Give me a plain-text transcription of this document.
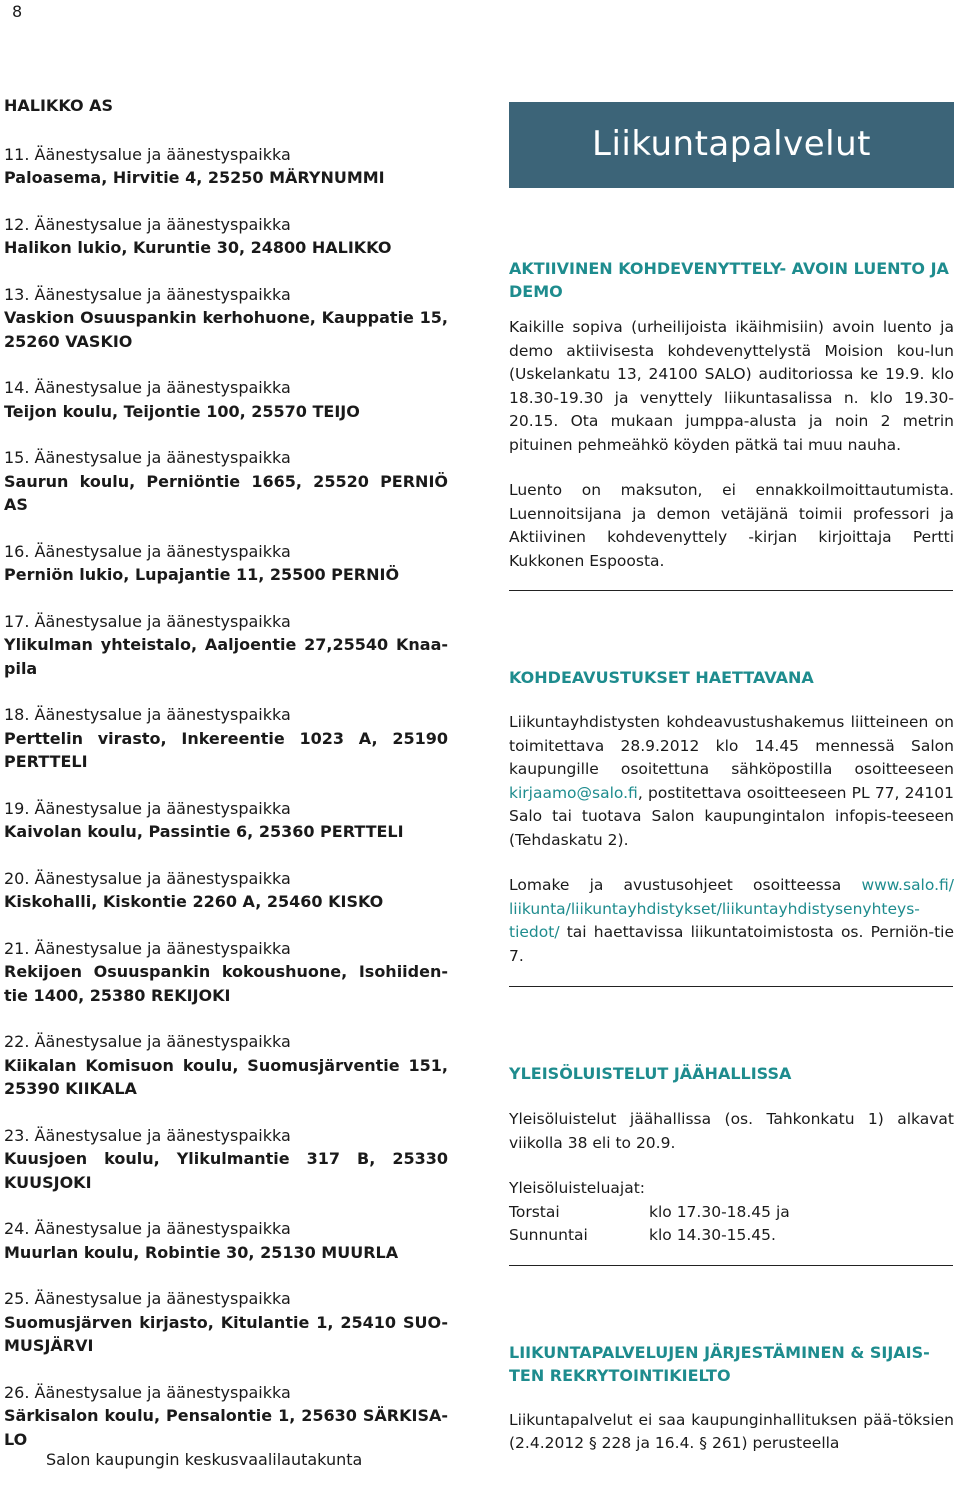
8
HALIKKO AS
11. Äänestysalue ja äänestyspaikka
Paloasema, Hirvitie 4, 25250 MÄRYNUMMI
12. Äänestysalue ja äänestyspaikka
Halikon lukio, Kuruntie 30, 24800 HALIKKO
13. Äänestysalue ja äänestyspaikka
Vaskion Osuuspankin kerhohuone, Kauppatie 15, 25260 VASKIO
14. Äänestysalue ja äänestyspaikka
Teijon koulu, Teijontie 100, 25570 TEIJO
15. Äänestysalue ja äänestyspaikka
Saurun koulu, Perniöntie 1665, 25520 PERNIÖ AS
16. Äänestysalue ja äänestyspaikka
Perniön lukio, Lupajantie 11, 25500 PERNIÖ
17. Äänestysalue ja äänestyspaikka
Ylikulman yhteistalo, Aaljoentie 27,25540 Knaa-pila
18. Äänestysalue ja äänestyspaikka
Perttelin virasto, Inkereentie 1023 A, 25190 PERTTELI
19. Äänestysalue ja äänestyspaikka
Kaivolan koulu, Passintie 6, 25360 PERTTELI
20. Äänestysalue ja äänestyspaikka
Kiskohalli, Kiskontie 2260 A, 25460 KISKO
21. Äänestysalue ja äänestyspaikka
Rekijoen Osuuspankin kokoushuone, Isohiiden-tie 1400, 25380 REKIJOKI
22. Äänestysalue ja äänestyspaikka
Kiikalan Komisuon koulu, Suomusjärventie 151, 25390 KIIKALA
23. Äänestysalue ja äänestyspaikka
Kuusjoen koulu, Ylikulmantie 317 B, 25330 KUUSJOKI
24. Äänestysalue ja äänestyspaikka
Muurlan koulu, Robintie 30, 25130 MUURLA
25. Äänestysalue ja äänestyspaikka
Suomusjärven kirjasto, Kitulantie 1, 25410 SUO-MUSJÄRVI
26. Äänestysalue ja äänestyspaikka
Särkisalon koulu, Pensalontie 1, 25630 SÄRKISA-LO
Salon kaupungin keskusvaalilautakunta
Liikuntapalvelut

AKTIIVINEN KOHDEVENYTTELY- AVOIN LUENTO JA DEMO

Kaikille sopiva (urheilijoista ikäihmisiin) avoin luento ja demo aktiivisesta kohdevenyttelystä Moision kou-lun (Uskelankatu 13, 24100 SALO) auditoriossa ke 19.9. klo 18.30-19.30 ja venyttely liikuntasalissa n. klo 19.30-20.15. Ota mukaan jumppa-alusta ja noin 2 metrin pituinen pehmeähkö köyden pätkä tai muu nauha.

Luento on maksuton, ei ennakkoilmoittautumista. Luennoitsijana ja demon vetäjänä toimii professori ja Aktiivinen kohdevenyttely -kirjan kirjoittaja Pertti Kukkonen Espoosta.

KOHDEAVUSTUKSET HAETTAVANA

Liikuntayhdistysten kohdeavustushakemus liitteineen on toimitettava 28.9.2012 klo 14.45 mennessä Salon kaupungille osoitettuna sähköpostilla osoitteeseen kirjaamo@salo.fi, postitettava osoitteeseen PL 77, 24101 Salo tai tuotava Salon kaupungintalon infopis-teeseen (Tehdaskatu 2).

Lomake ja avustusohjeet osoitteessa www.salo.fi/ liikunta/liikuntayhdistykset/liikuntayhdistysenyhteys-tiedot/ tai haettavissa liikuntatoimistosta os. Perniön-tie 7.

YLEISÖLUISTELUT JÄÄHALLISSA

Yleisöluistelut jäähallissa (os. Tahkonkatu 1) alkavat viikolla 38 eli to 20.9.

Yleisöluisteluajat:

Torstai	klo 17.30-18.45 ja
Sunnuntai	klo 14.30-15.45.

LIIKUNTAPALVELUJEN JÄRJESTÄMINEN & SIJAIS-TEN REKRYTOINTIKIELTO

Liikuntapalvelut ei saa kaupunginhallituksen pää-töksien (2.4.2012 § 228 ja 16.4. § 261) perusteella
